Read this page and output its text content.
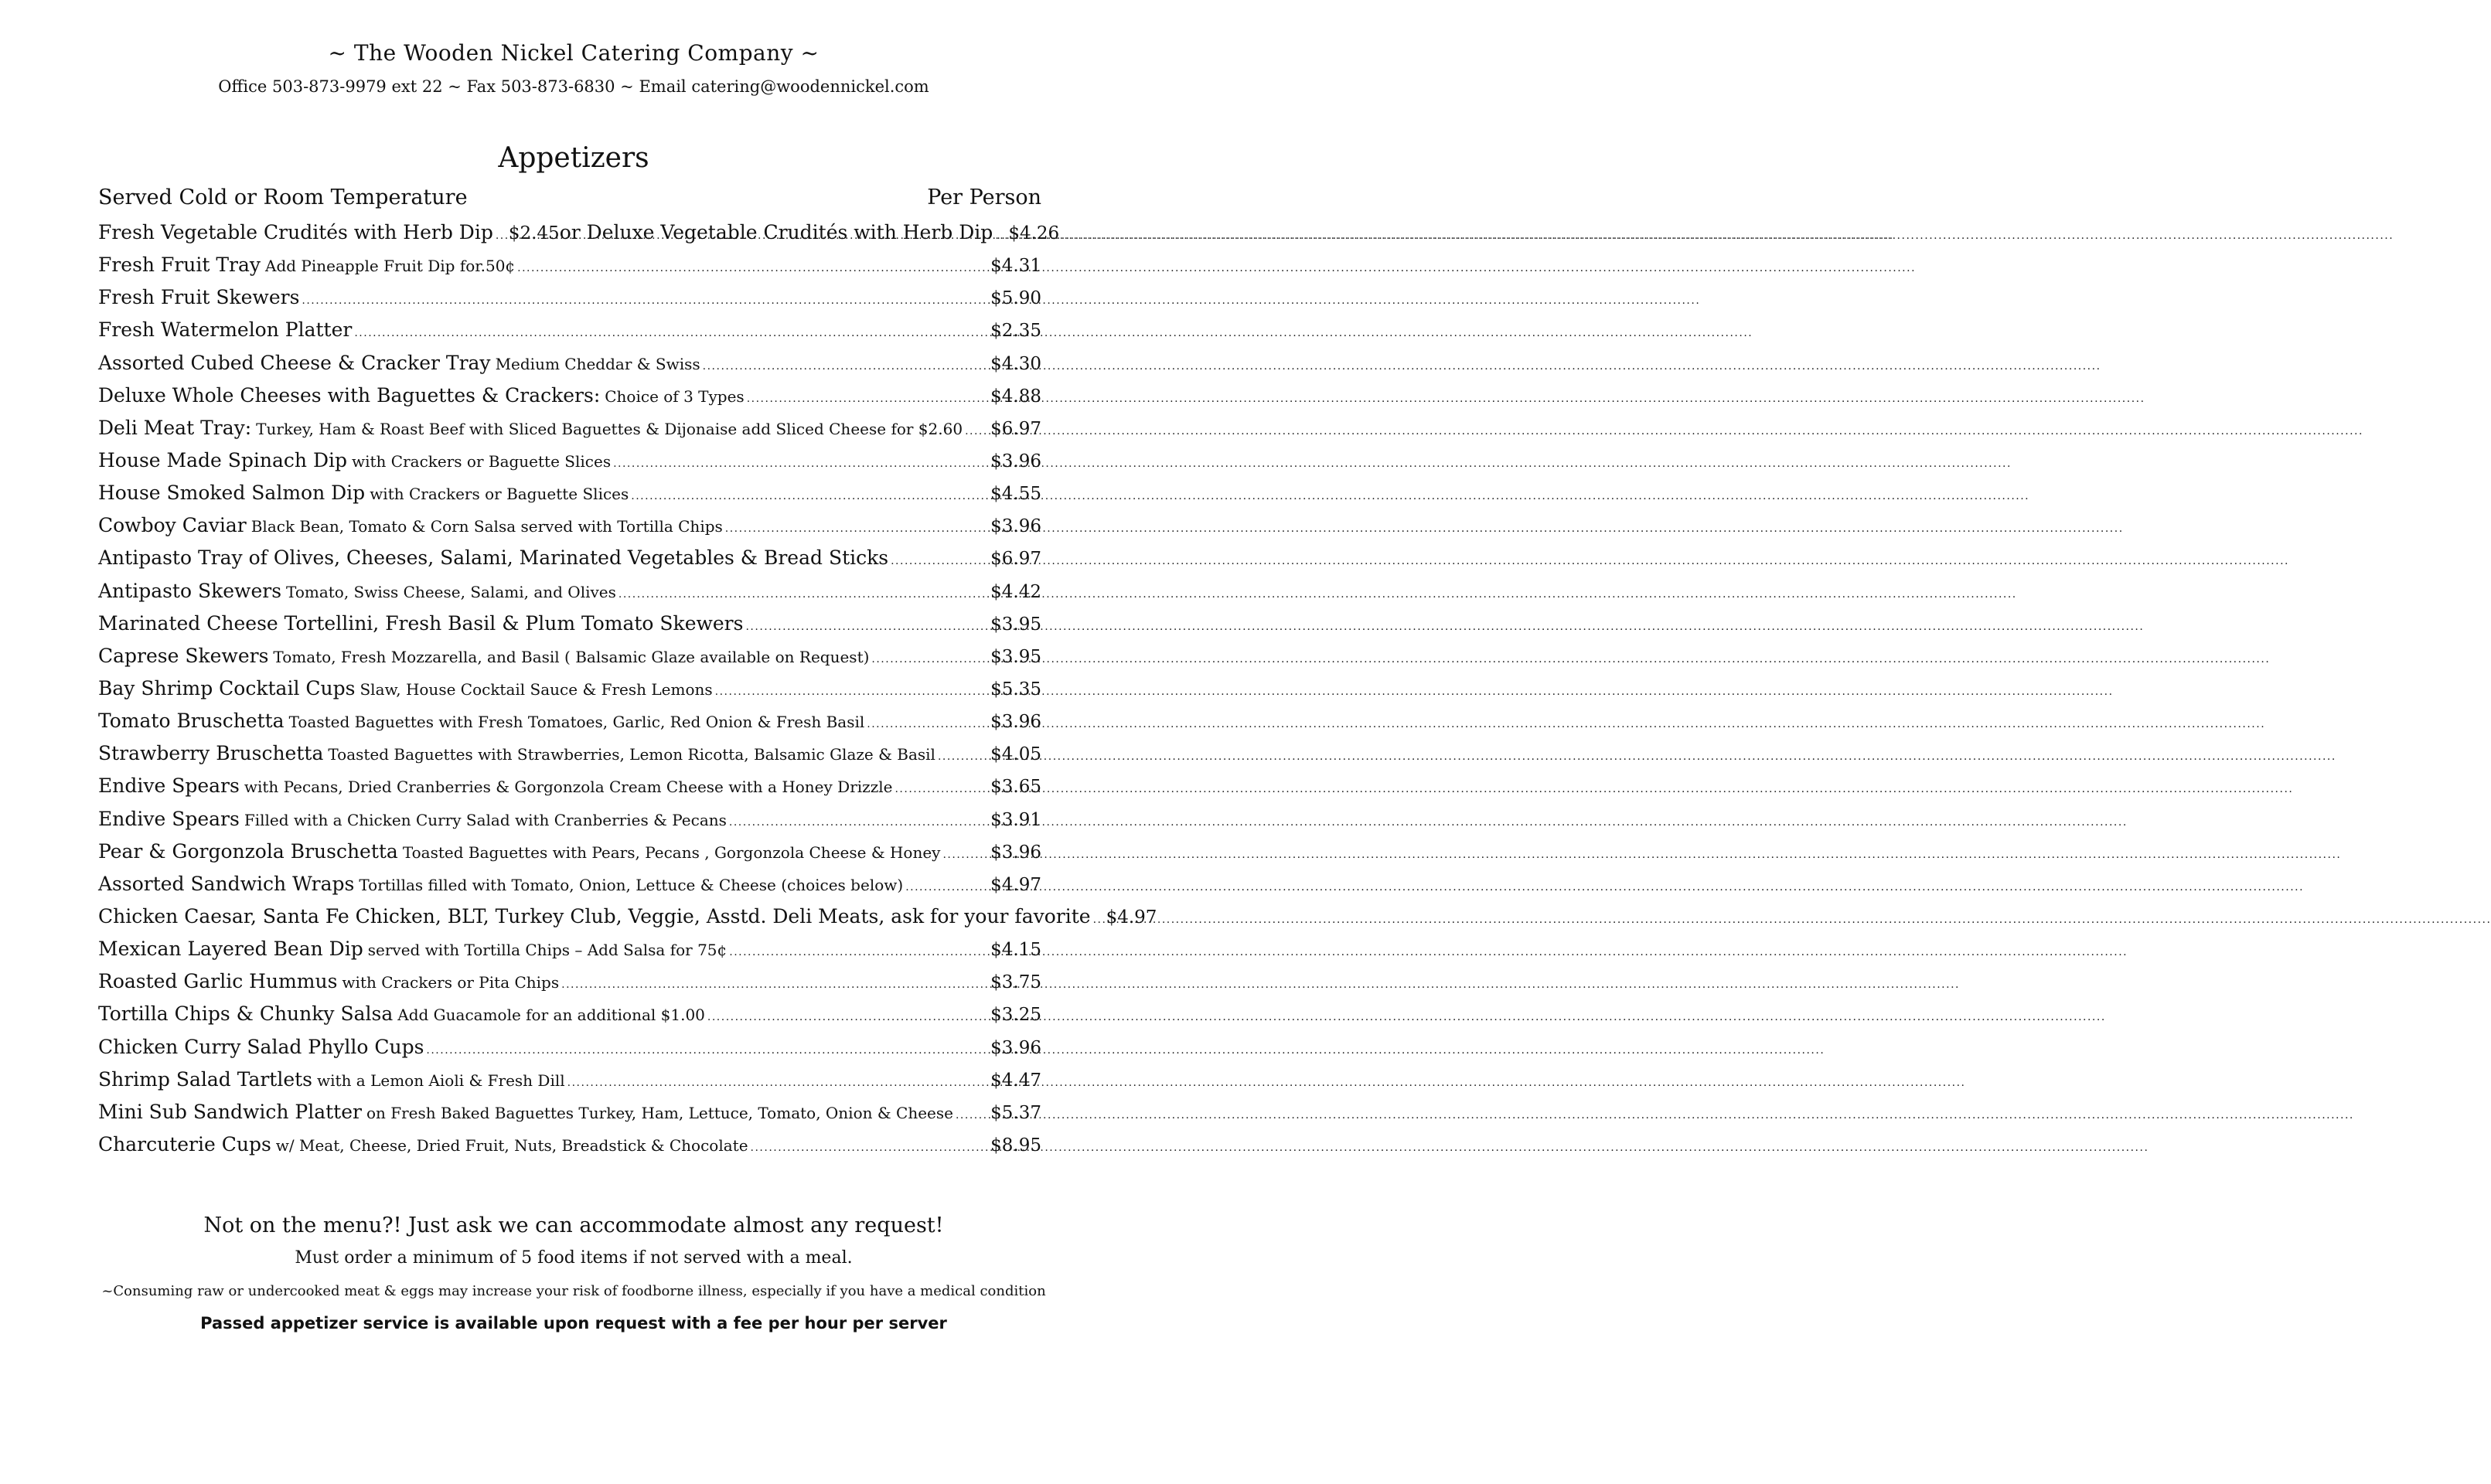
~ The Wooden Nickel Catering Company ~
Office 503-873-9979 ext 22 ~ Fax 503-873-6830 ~ Email catering@woodennickel.com
Appetizers
Served Cold or Room Temperature	Per Person
Fresh Vegetable Crudités with Herb Dip ..... $2.45 or Deluxe Vegetable Crudités with Herb Dip ..... $4.26
Fresh Fruit Tray Add Pineapple Fruit Dip for.50¢ .....	$4.31
Fresh Fruit Skewers .....	$5.90
Fresh Watermelon Platter .....	$2.35
Assorted Cubed Cheese & Cracker Tray Medium Cheddar & Swiss .....	$4.30
Deluxe Whole Cheeses with Baguettes & Crackers: Choice of 3 Types .....	$4.88
Deli Meat Tray: Turkey, Ham & Roast Beef with Sliced Baguettes & Dijonaise add Sliced Cheese for $2.60 ..... $6.97
House Made Spinach Dip with Crackers or Baguette Slices .....	$3.96
House Smoked Salmon Dip with Crackers or Baguette Slices .....	$4.55
Cowboy Caviar Black Bean, Tomato & Corn Salsa served with Tortilla Chips .....	$3.96
Antipasto Tray of Olives, Cheeses, Salami, Marinated Vegetables & Bread Sticks .....	$6.97
Antipasto Skewers Tomato, Swiss Cheese, Salami, and Olives .....	$4.42
Marinated Cheese Tortellini, Fresh Basil & Plum Tomato Skewers .....	$3.95
Caprese Skewers Tomato, Fresh Mozzarella, and Basil ( Balsamic Glaze available on Request) .....	$3.95
Bay Shrimp Cocktail Cups Slaw, House Cocktail Sauce & Fresh Lemons .....	$5.35
Tomato Bruschetta Toasted Baguettes with Fresh Tomatoes, Garlic, Red Onion & Fresh Basil .....	$3.96
Strawberry Bruschetta Toasted Baguettes with Strawberries, Lemon Ricotta, Balsamic Glaze & Basil .....	$4.05
Endive Spears with Pecans, Dried Cranberries & Gorgonzola Cream Cheese with a Honey Drizzle .....	$3.65
Endive Spears Filled with a Chicken Curry Salad with Cranberries & Pecans .....	$3.91
Pear & Gorgonzola Bruschetta Toasted Baguettes with Pears, Pecans , Gorgonzola Cheese & Honey .....	$3.96
Assorted Sandwich Wraps Tortillas filled with Tomato, Onion, Lettuce & Cheese (choices below) .....	$4.97
Chicken Caesar, Santa Fe Chicken, BLT, Turkey Club, Veggie, Asstd. Deli Meats, ask for your favorite ..... $4.97
Mexican Layered Bean Dip served with Tortilla Chips – Add Salsa for 75¢ .....	$4.15
Roasted Garlic Hummus with Crackers or Pita Chips .....	$3.75
Tortilla Chips & Chunky Salsa Add Guacamole for an additional $1.00 .....	$3.25
Chicken Curry Salad Phyllo Cups .....	$3.96
Shrimp Salad Tartlets with a Lemon Aioli & Fresh Dill .....	$4.47
Mini Sub Sandwich Platter on Fresh Baked Baguettes Turkey, Ham, Lettuce, Tomato, Onion & Cheese ..... $5.37
Charcuterie Cups w/ Meat, Cheese, Dried Fruit, Nuts, Breadstick & Chocolate .....	$8.95
Not on the menu?! Just ask we can accommodate almost any request!
Must order a minimum of 5 food items if not served with a meal.
~Consuming raw or undercooked meat & eggs may increase your risk of foodborne illness, especially if you have a medical condition
Passed appetizer service is available upon request with a fee per hour per server
